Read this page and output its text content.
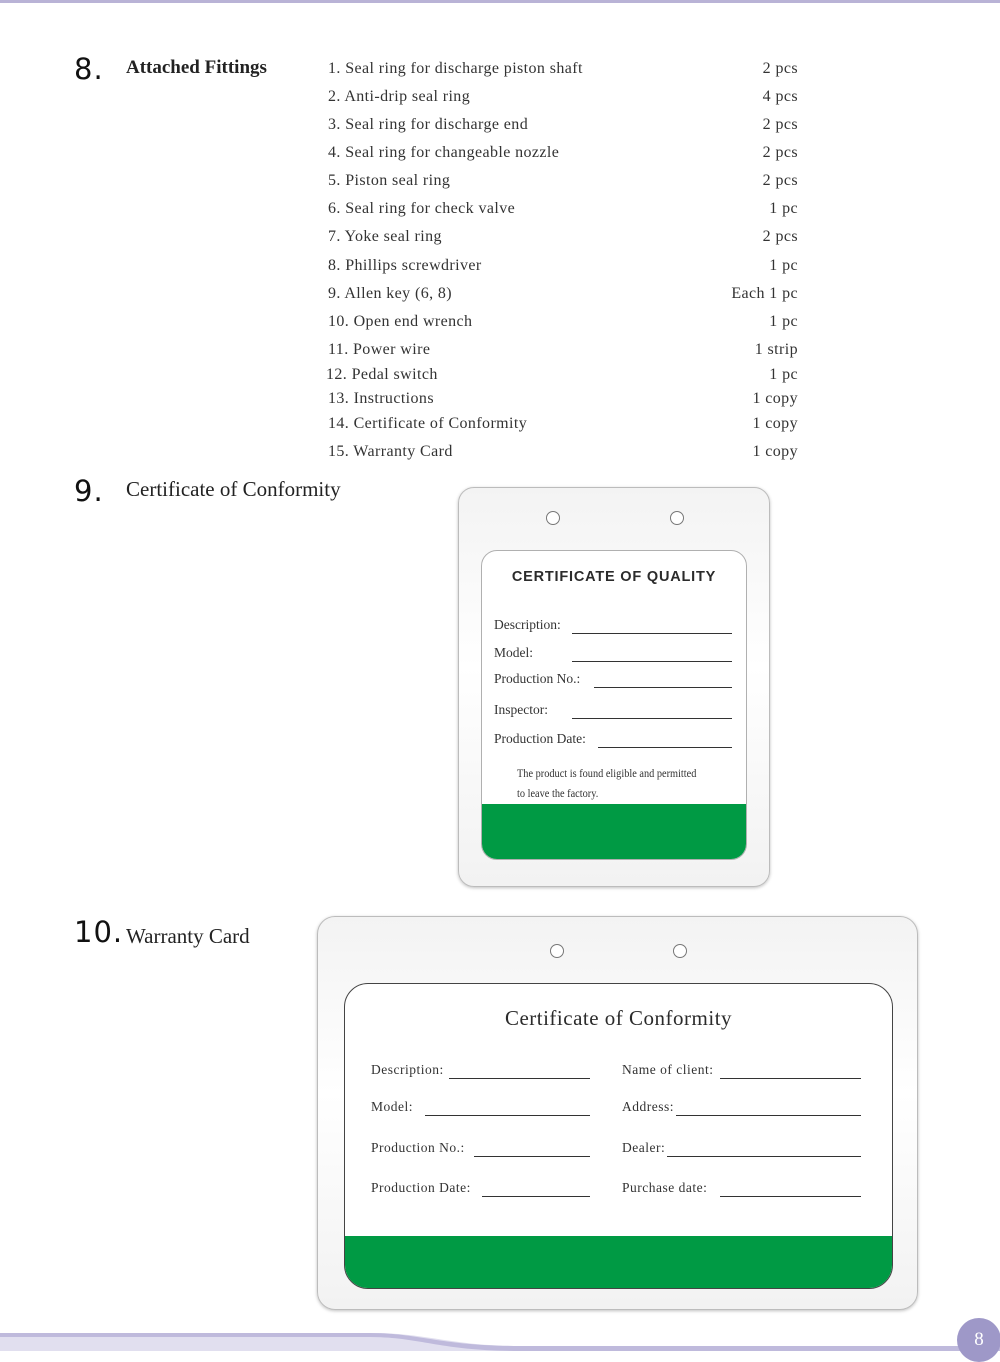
8. Attached Fittings	1. Seal ring for discharge piston shaft	2 pcs
2. Anti-drip seal ring	4 pcs
3. Seal ring for discharge end	2 pcs
4. Seal ring for changeable nozzle	2 pcs
5. Piston seal ring	2 pcs
6. Seal ring for check valve	1 pc
7. Yoke seal ring	2 pcs
8. Phillips screwdriver	1 pc
9. Allen key (6, 8)	Each 1 pc
10. Open end wrench	1 pc
11. Power wire	1 strip
12. Pedal switch	1 pc
13. Instructions	1 copy
14. Certificate of Conformity	1 copy
15. Warranty Card	1 copy
9. Certificate of Conformity
CERTIFICATE OF QUALITY
Description:
Model:
Production No.:
Inspector:
Production Date:
The product is found eligible and permitted
to leave the factory.
10. Warranty Card
Certificate of Conformity
Description:
Model:
Production No.:
Production Date:
Name of client:
Address:
Dealer:
Purchase date:
8
